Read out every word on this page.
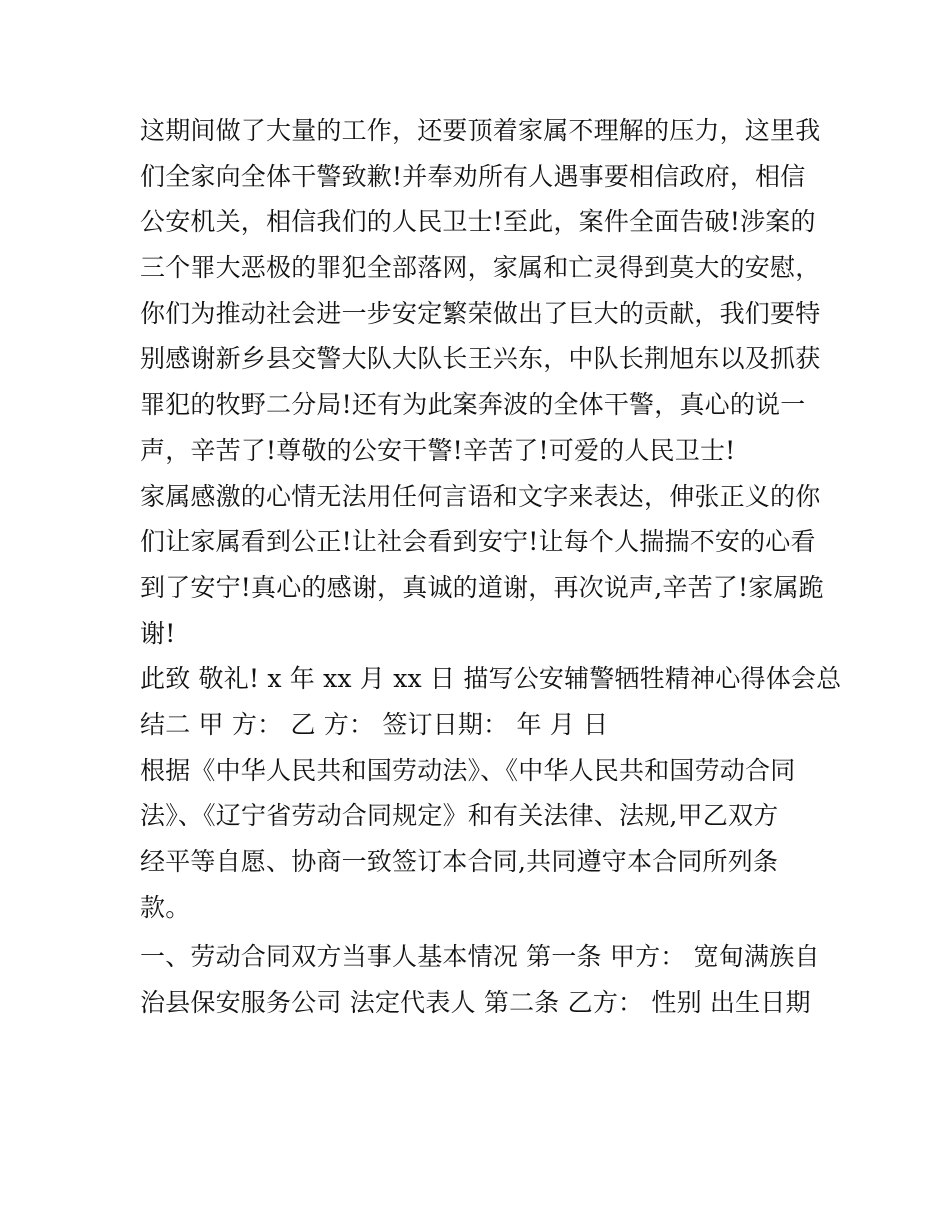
这期间做了大量的工作，还要顶着家属不理解的压力，这里我
们全家向全体干警致歉!并奉劝所有人遇事要相信政府，相信
公安机关，相信我们的人民卫士!至此，案件全面告破!涉案的
三个罪大恶极的罪犯全部落网，家属和亡灵得到莫大的安慰，
你们为推动社会进一步安定繁荣做出了巨大的贡献，我们要特
别感谢新乡县交警大队大队长王兴东，中队长荆旭东以及抓获
罪犯的牧野二分局!还有为此案奔波的全体干警，真心的说一
声，辛苦了!尊敬的公安干警!辛苦了!可爱的人民卫士!
家属感激的心情无法用任何言语和文字来表达，伸张正义的你
们让家属看到公正!让社会看到安宁!让每个人揣揣不安的心看
到了安宁!真心的感谢，真诚的道谢，再次说声,辛苦了!家属跪
谢!
此致 敬礼! x 年 xx 月 xx 日 描写公安辅警牺牲精神心得体会总
结二 甲 方： 乙 方： 签订日期： 年 月 日
根据《中华人民共和国劳动法》、《中华人民共和国劳动合同
法》、《辽宁省劳动合同规定》和有关法律、法规,甲乙双方
经平等自愿、协商一致签订本合同,共同遵守本合同所列条
款。
一、劳动合同双方当事人基本情况 第一条 甲方： 宽甸满族自
治县保安服务公司 法定代表人 第二条 乙方： 性别 出生日期
